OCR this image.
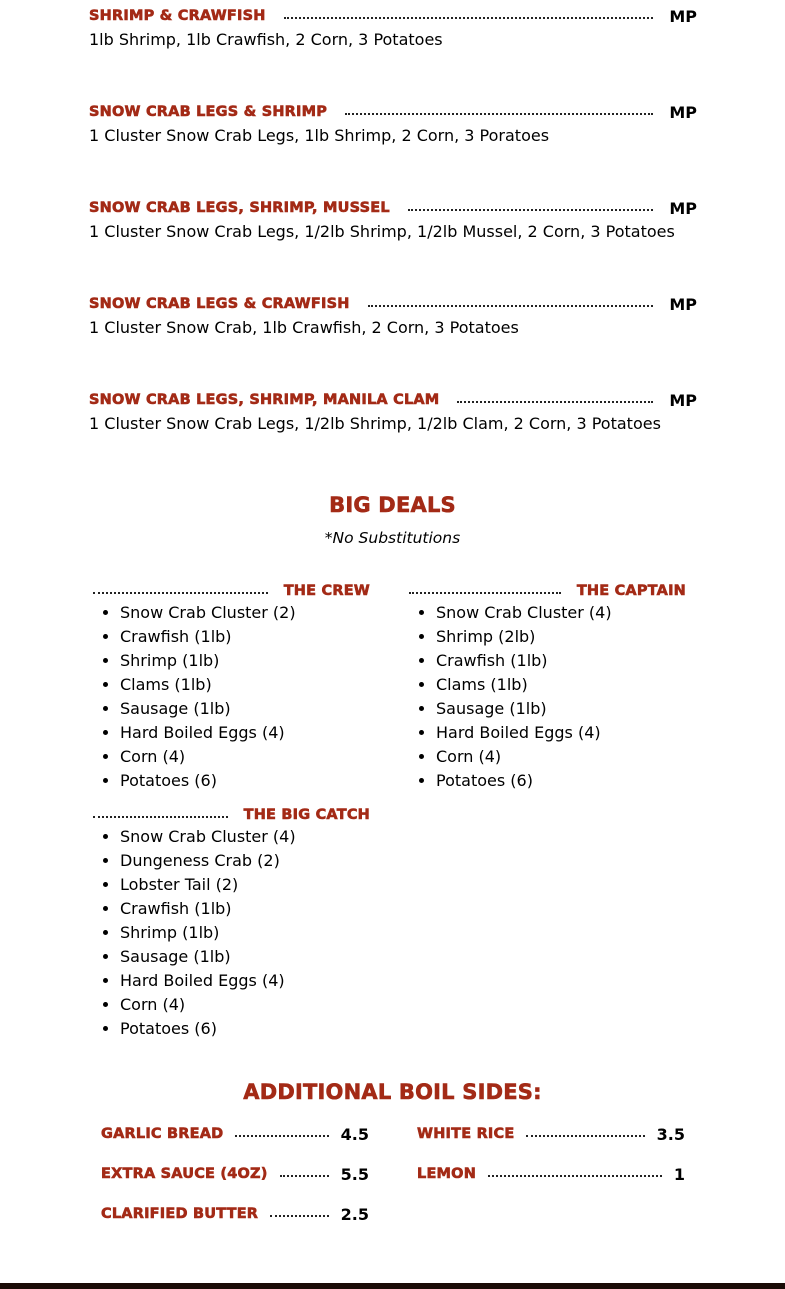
SHRIMP & CRAWFISH	MP
1lb Shrimp, 1lb Crawfish, 2 Corn, 3 Potatoes
SNOW CRAB LEGS & SHRIMP	MP
1 Cluster Snow Crab Legs, 1lb Shrimp, 2 Corn, 3 Poratoes
SNOW CRAB LEGS, SHRIMP, MUSSEL	MP
1 Cluster Snow Crab Legs, 1/2lb Shrimp, 1/2lb Mussel, 2 Corn, 3 Potatoes
SNOW CRAB LEGS & CRAWFISH	MP
1 Cluster Snow Crab, 1lb Crawfish, 2 Corn, 3 Potatoes
SNOW CRAB LEGS, SHRIMP, MANILA CLAM	MP
1 Cluster Snow Crab Legs, 1/2lb Shrimp, 1/2lb Clam, 2 Corn, 3 Potatoes
BIG DEALS
*No Substitutions
THE CREW
• Snow Crab Cluster (2)
• Crawfish (1lb)
• Shrimp (1lb)
• Clams (1lb)
• Sausage (1lb)
• Hard Boiled Eggs (4)
• Corn (4)
• Potatoes (6)
THE CAPTAIN
• Snow Crab Cluster (4)
• Shrimp (2lb)
• Crawfish (1lb)
• Clams (1lb)
• Sausage (1lb)
• Hard Boiled Eggs (4)
• Corn (4)
• Potatoes (6)
THE BIG CATCH
• Snow Crab Cluster (4)
• Dungeness Crab (2)
• Lobster Tail (2)
• Crawfish (1lb)
• Shrimp (1lb)
• Sausage (1lb)
• Hard Boiled Eggs (4)
• Corn (4)
• Potatoes (6)
ADDITIONAL BOIL SIDES:
GARLIC BREAD	4.5	WHITE RICE	3.5
EXTRA SAUCE (4OZ)	5.5	LEMON	1
CLARIFIED BUTTER	2.5
